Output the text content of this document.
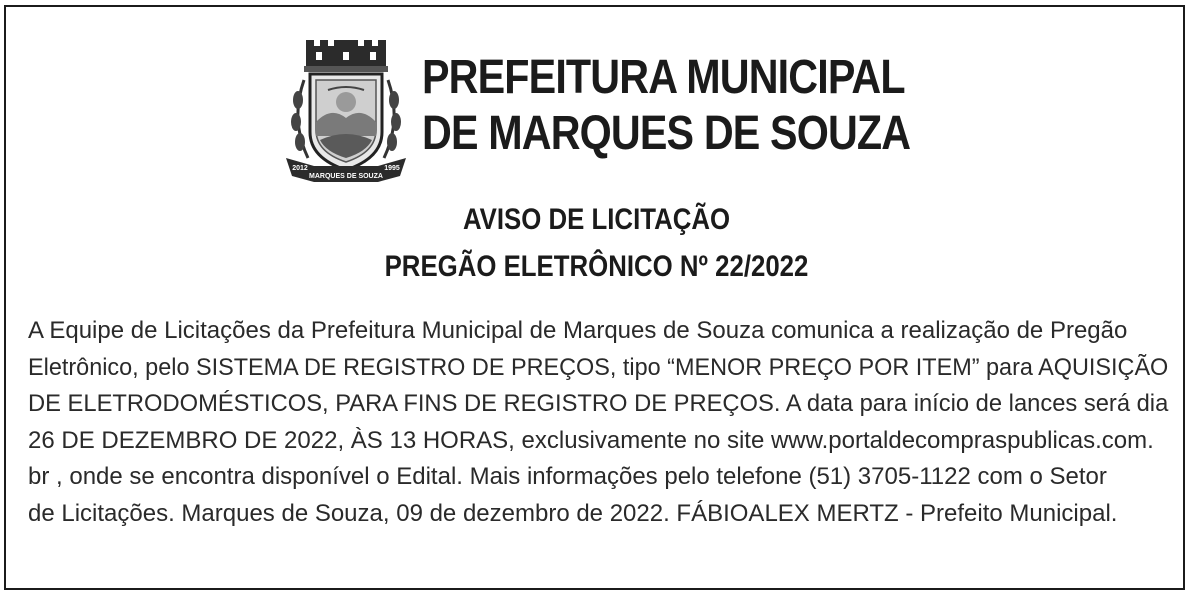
MARQUES DE SOUZA
2012	1995
PREFEITURA MUNICIPAL
DE MARQUES DE SOUZA
AVISO DE LICITAÇÃO
PREGÃO ELETRÔNICO Nº 22/2022
A Equipe de Licitações da Prefeitura Municipal de Marques de Souza comunica a realização de Pregão
Eletrônico, pelo SISTEMA DE REGISTRO DE PREÇOS, tipo “MENOR PREÇO POR ITEM” para AQUISIÇÃO
DE ELETRODOMÉSTICOS, PARA FINS DE REGISTRO DE PREÇOS. A data para início de lances será dia
26 DE DEZEMBRO DE 2022, ÀS 13 HORAS, exclusivamente no site www.portaldecompraspublicas.com.
br , onde se encontra disponível o Edital. Mais informações pelo telefone (51) 3705-1122 com o Setor
de Licitações. Marques de Souza, 09 de dezembro de 2022. FÁBIOALEX MERTZ - Prefeito Municipal.
